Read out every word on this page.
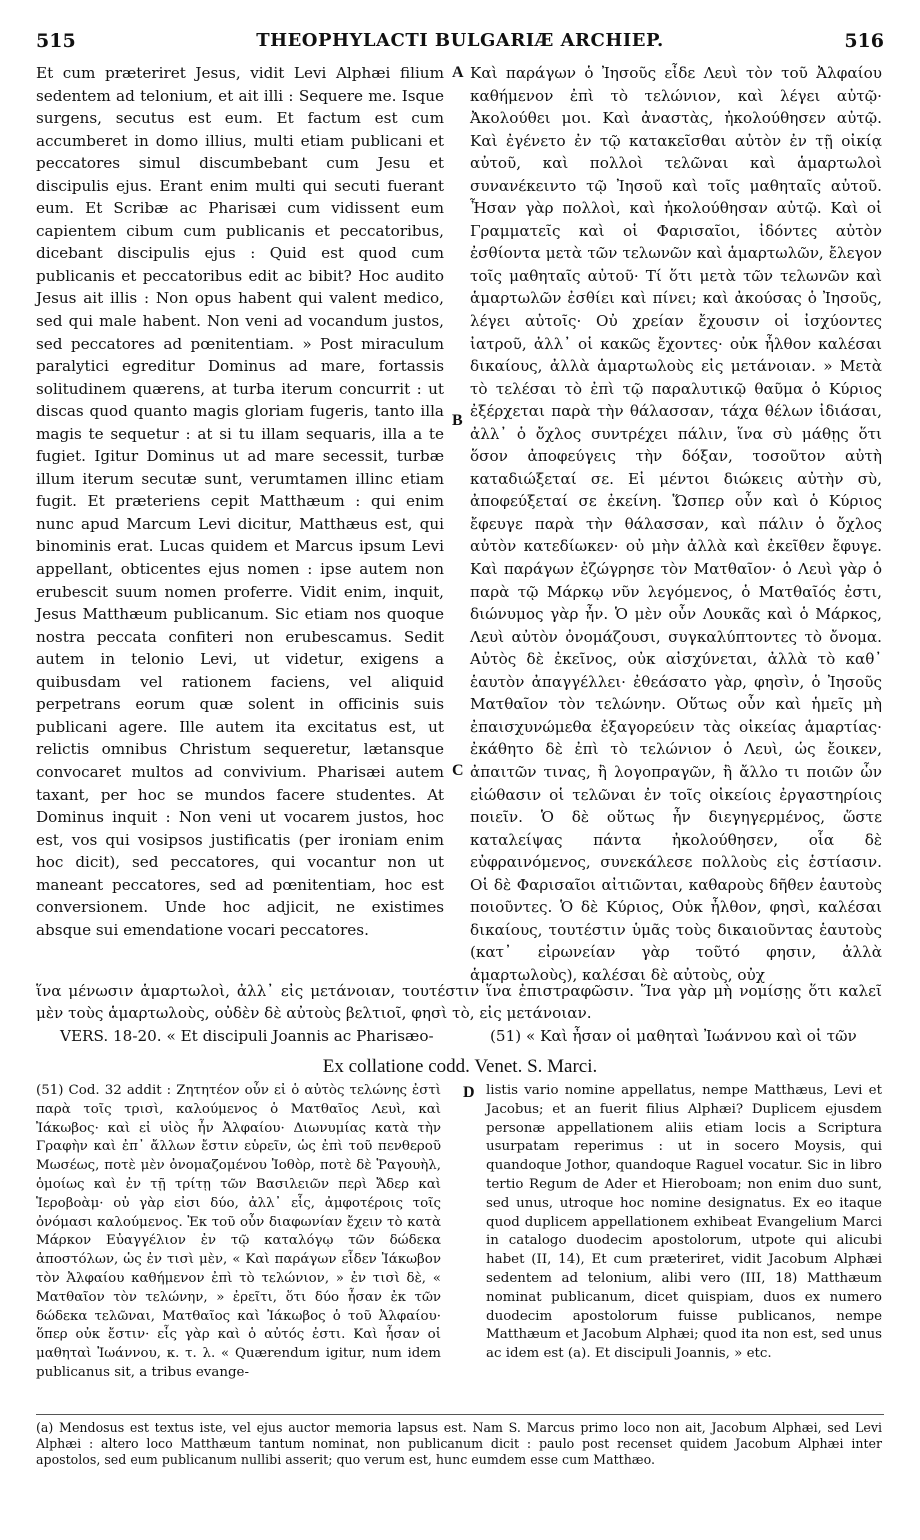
515	THEOPHYLACTI BULGARIÆ ARCHIEP.	516

Et cum præteriret Jesus, vidit Levi Alphæi filium sedentem ad telonium, et ait illi : Sequere me. Isque surgens, secutus est eum. Et factum est cum accumberet in domo illius, multi etiam publicani et peccatores simul discumbebant cum Jesu et discipulis ejus. Erant enim multi qui secuti fuerant eum. Et Scribæ ac Pharisæi cum vidissent eum capientem cibum cum publicanis et peccatoribus, dicebant discipulis ejus : Quid est quod cum publicanis et peccatoribus edit ac bibit? Hoc audito Jesus ait illis : Non opus habent qui valent medico, sed qui male habent. Non veni ad vocandum justos, sed peccatores ad pœnitentiam. » Post miraculum paralytici egreditur Dominus ad mare, fortassis solitudinem quærens, at turba iterum concurrit : ut discas quod quanto magis gloriam fugeris, tanto illa magis te sequetur : at si tu illam sequaris, illa a te fugiet. Igitur Dominus ut ad mare secessit, turbæ illum iterum secutæ sunt, verumtamen illinc etiam fugit. Et præteriens cepit Matthæum : qui enim nunc apud Marcum Levi dicitur, Matthæus est, qui binominis erat. Lucas quidem et Marcus ipsum Levi appellant, obticentes ejus nomen : ipse autem non erubescit suum nomen proferre. Vidit enim, inquit, Jesus Matthæum publicanum. Sic etiam nos quoque nostra peccata confiteri non erubescamus. Sedit autem in telonio Levi, ut videtur, exigens a quibusdam vel rationem faciens, vel aliquid perpetrans eorum quæ solent in officinis suis publicani agere. Ille autem ita excitatus est, ut relictis omnibus Christum sequeretur, lætansque convocaret multos ad convivium. Pharisæi autem taxant, per hoc se mundos facere studentes. At Dominus inquit : Non veni ut vocarem justos, hoc est, vos qui vosipsos justificatis (per ironiam enim hoc dicit), sed peccatores, qui vocantur non ut maneant peccatores, sed ad pœnitentiam, hoc est conversionem. Unde hoc adjicit, ne existimes absque sui emendatione vocari peccatores.

A
B
C
D

Καὶ παράγων ὁ Ἰησοῦς εἶδε Λευὶ τὸν τοῦ Ἀλφαίου καθήμενον ἐπὶ τὸ τελώνιον, καὶ λέγει αὐτῷ· Ἀκολούθει μοι. Καὶ ἀναστὰς, ἠκολούθησεν αὐτῷ. Καὶ ἐγένετο ἐν τῷ κατακεῖσθαι αὐτὸν ἐν τῇ οἰκίᾳ αὐτοῦ, καὶ πολλοὶ τελῶναι καὶ ἁμαρτωλοὶ συνανέκειντο τῷ Ἰησοῦ καὶ τοῖς μαθηταῖς αὐτοῦ. Ἦσαν γὰρ πολλοὶ, καὶ ἠκολούθησαν αὐτῷ. Καὶ οἱ Γραμματεῖς καὶ οἱ Φαρισαῖοι, ἰδόντες αὐτὸν ἐσθίοντα μετὰ τῶν τελωνῶν καὶ ἁμαρτωλῶν, ἔλεγον τοῖς μαθηταῖς αὐτοῦ· Τί ὅτι μετὰ τῶν τελωνῶν καὶ ἁμαρτωλῶν ἐσθίει καὶ πίνει; καὶ ἀκούσας ὁ Ἰησοῦς, λέγει αὐτοῖς· Οὐ χρείαν ἔχουσιν οἱ ἰσχύοντες ἰατροῦ, ἀλλ᾽ οἱ κακῶς ἔχοντες· οὐκ ἦλθον καλέσαι δικαίους, ἀλλὰ ἁμαρτωλοὺς εἰς μετάνοιαν. » Μετὰ τὸ τελέσαι τὸ ἐπὶ τῷ παραλυτικῷ θαῦμα ὁ Κύριος ἐξέρχεται παρὰ τὴν θάλασσαν, τάχα θέλων ἰδιάσαι, ἀλλ᾽ ὁ ὄχλος συντρέχει πάλιν, ἵνα σὺ μάθῃς ὅτι ὅσον ἀποφεύγεις τὴν δόξαν, τοσοῦτον αὐτὴ καταδιώξεταί σε. Εἰ μέντοι διώκεις αὐτὴν σὺ, ἀποφεύξεταί σε ἐκείνη. Ὥσπερ οὖν καὶ ὁ Κύριος ἔφευγε παρὰ τὴν θάλασσαν, καὶ πάλιν ὁ ὄχλος αὐτὸν κατεδίωκεν· οὐ μὴν ἀλλὰ καὶ ἐκεῖθεν ἔφυγε. Καὶ παράγων ἐζώγρησε τὸν Ματθαῖον· ὁ Λευὶ γὰρ ὁ παρὰ τῷ Μάρκῳ νῦν λεγόμενος, ὁ Ματθαῖός ἐστι, διώνυμος γὰρ ἦν. Ὁ μὲν οὖν Λουκᾶς καὶ ὁ Μάρκος, Λευὶ αὐτὸν ὀνομάζουσι, συγκαλύπτοντες τὸ ὄνομα. Αὐτὸς δὲ ἐκεῖνος, οὐκ αἰσχύνεται, ἀλλὰ τὸ καθ᾽ ἑαυτὸν ἀπαγγέλλει· ἐθεάσατο γὰρ, φησὶν, ὁ Ἰησοῦς Ματθαῖον τὸν τελώνην. Οὕτως οὖν καὶ ἡμεῖς μὴ ἐπαισχυνώμεθα ἐξαγορεύειν τὰς οἰκείας ἁμαρτίας· ἐκάθητο δὲ ἐπὶ τὸ τελώνιον ὁ Λευὶ, ὡς ἔοικεν, ἀπαιτῶν τινας, ἢ λογοπραγῶν, ἢ ἄλλο τι ποιῶν ὧν εἰώθασιν οἱ τελῶναι ἐν τοῖς οἰκείοις ἐργαστηρίοις ποιεῖν. Ὁ δὲ οὕτως ἦν διεγηγερμένος, ὥστε καταλείψας πάντα ἠκολούθησεν, οἷα δὲ εὐφραινόμενος, συνεκάλεσε πολλοὺς εἰς ἑστίασιν. Οἱ δὲ Φαρισαῖοι αἰτιῶνται, καθαροὺς δῆθεν ἑαυτοὺς ποιοῦντες. Ὁ δὲ Κύριος, Οὐκ ἦλθον, φησὶ, καλέσαι δικαίους, τουτέστιν ὑμᾶς τοὺς δικαιοῦντας ἑαυτοὺς (κατ᾽ εἰρωνείαν γὰρ τοῦτό φησιν, ἀλλὰ ἁμαρτωλοὺς), καλέσαι δὲ αὐτοὺς, οὐχ

ἵνα μένωσιν ἁμαρτωλοὶ, ἀλλ᾽ εἰς μετάνοιαν, τουτέστιν ἵνα ἐπιστραφῶσιν. Ἵνα γὰρ μὴ νομίσῃς ὅτι καλεῖ μὲν τοὺς ἁμαρτωλοὺς, οὐδὲν δὲ αὐτοὺς βελτιοῖ, φησὶ τὸ, εἰς μετάνοιαν.
VERS. 18-20. « Et discipuli Joannis ac Pharisæo-	(51) « Καὶ ἦσαν οἱ μαθηταὶ Ἰωάννου καὶ οἱ τῶν
Ex collatione codd. Venet. S. Marci.
(51) Cod. 32 addit : Ζητητέον οὖν εἰ ὁ αὐτὸς τελώνης ἐστὶ παρὰ τοῖς τρισὶ, καλούμενος ὁ Ματθαῖος Λευὶ, καὶ Ἰάκωβος· καὶ εἰ υἱὸς ἦν Ἀλφαίου· Διωνυμίας κατὰ τὴν Γραφὴν καὶ ἐπ᾽ ἄλλων ἔστιν εὑρεῖν, ὡς ἐπὶ τοῦ πενθεροῦ Μωσέως, ποτὲ μὲν ὀνομαζομένου Ἰοθὸρ, ποτὲ δὲ Ῥαγουὴλ, ὁμοίως καὶ ἐν τῇ τρίτῃ τῶν Βασιλειῶν περὶ Ἄδερ καὶ Ἱεροβοὰμ· οὐ γὰρ εἰσι δύο, ἀλλ᾽ εἷς, ἀμφοτέροις τοῖς ὀνόμασι καλούμενος. Ἐκ τοῦ οὖν διαφωνίαν ἔχειν τὸ κατὰ Μάρκον Εὐαγγέλιον ἐν τῷ καταλόγῳ τῶν δώδεκα ἀποστόλων, ὡς ἐν τισὶ μὲν, « Καὶ παράγων εἶδεν Ἰάκωβον τὸν Ἀλφαίου καθήμενον ἐπὶ τὸ τελώνιον, » ἐν τισὶ δὲ, « Ματθαῖον τὸν τελώνην, » ἐρεῖτι, ὅτι δύο ἦσαν ἐκ τῶν δώδεκα τελῶναι, Ματθαῖος καὶ Ἰάκωβος ὁ τοῦ Ἀλφαίου· ὅπερ οὐκ ἔστιν· εἷς γὰρ καὶ ὁ αὐτός ἐστι. Καὶ ἦσαν οἱ μαθηταὶ Ἰωάννου, κ. τ. λ. « Quærendum igitur, num idem publicanus sit, a tribus evange-
listis vario nomine appellatus, nempe Matthæus, Levi et Jacobus; et an fuerit filius Alphæi? Duplicem ejusdem personæ appellationem aliis etiam locis a Scriptura usurpatam reperimus : ut in socero Moysis, qui quandoque Jothor, quandoque Raguel vocatur. Sic in libro tertio Regum de Ader et Hieroboam; non enim duo sunt, sed unus, utroque hoc nomine designatus. Ex eo itaque quod duplicem appellationem exhibeat Evangelium Marci in catalogo duodecim apostolorum, utpote qui alicubi habet (II, 14), Et cum præteriret, vidit Jacobum Alphæi sedentem ad telonium, alibi vero (III, 18) Matthæum nominat publicanum, dicet quispiam, duos ex numero duodecim apostolorum fuisse publicanos, nempe Matthæum et Jacobum Alphæi; quod ita non est, sed unus ac idem est (a). Et discipuli Joannis, » etc.
(a) Mendosus est textus iste, vel ejus auctor memoria lapsus est. Nam S. Marcus primo loco non ait, Jacobum Alphæi, sed Levi Alphæi : altero loco Matthæum tantum nominat, non publicanum dicit : paulo post recenset quidem Jacobum Alphæi inter apostolos, sed eum publicanum nullibi asserit; quo verum est, hunc eumdem esse cum Matthæo.
